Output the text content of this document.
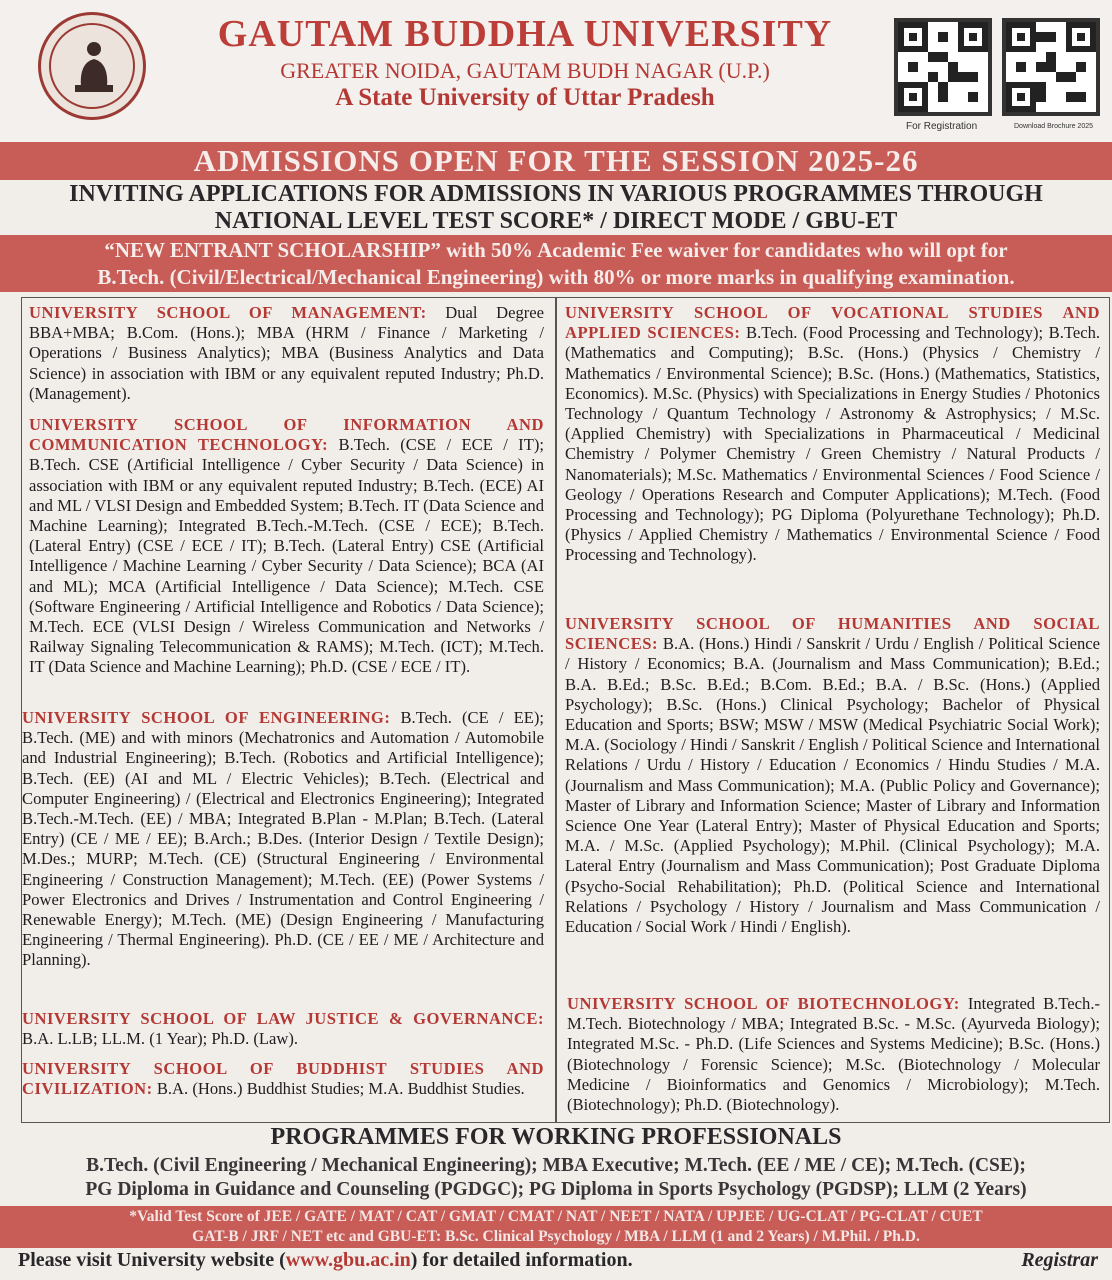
GAUTAM BUDDHA UNIVERSITY
GREATER NOIDA, GAUTAM BUDH NAGAR (U.P.)
A State University of Uttar Pradesh
For Registration	Download Brochure 2025
ADMISSIONS OPEN FOR THE SESSION 2025-26
INVITING APPLICATIONS FOR ADMISSIONS IN VARIOUS PROGRAMMES THROUGH
NATIONAL LEVEL TEST SCORE* / DIRECT MODE / GBU-ET
“NEW ENTRANT SCHOLARSHIP” with 50% Academic Fee waiver for candidates who will opt for
B.Tech. (Civil/Electrical/Mechanical Engineering) with 80% or more marks in qualifying examination.

UNIVERSITY SCHOOL OF MANAGEMENT: Dual Degree BBA+MBA; B.Com. (Hons.); MBA (HRM / Finance / Marketing / Operations / Business Analytics); MBA (Business Analytics and Data Science) in association with IBM or any equivalent reputed Industry; Ph.D. (Management).

UNIVERSITY SCHOOL OF INFORMATION AND COMMUNICATION TECHNOLOGY: B.Tech. (CSE / ECE / IT); B.Tech. CSE (Artificial Intelligence / Cyber Security / Data Science) in association with IBM or any equivalent reputed Industry; B.Tech. (ECE) AI and ML / VLSI Design and Embedded System; B.Tech. IT (Data Science and Machine Learning); Integrated B.Tech.-M.Tech. (CSE / ECE); B.Tech. (Lateral Entry) (CSE / ECE / IT); B.Tech. (Lateral Entry) CSE (Artificial Intelligence / Machine Learning / Cyber Security / Data Science); BCA (AI and ML); MCA (Artificial Intelligence / Data Science); M.Tech. CSE (Software Engineering / Artificial Intelligence and Robotics / Data Science); M.Tech. ECE (VLSI Design / Wireless Communication and Networks / Railway Signaling Telecommunication & RAMS); M.Tech. (ICT); M.Tech. IT (Data Science and Machine Learning); Ph.D. (CSE / ECE / IT).

UNIVERSITY SCHOOL OF ENGINEERING: B.Tech. (CE / EE); B.Tech. (ME) and with minors (Mechatronics and Automation / Automobile and Industrial Engineering); B.Tech. (Robotics and Artificial Intelligence); B.Tech. (EE) (AI and ML / Electric Vehicles); B.Tech. (Electrical and Computer Engineering) / (Electrical and Electronics Engineering); Integrated B.Tech.-M.Tech. (EE) / MBA; Integrated B.Plan - M.Plan; B.Tech. (Lateral Entry) (CE / ME / EE); B.Arch.; B.Des. (Interior Design / Textile Design); M.Des.; MURP; M.Tech. (CE) (Structural Engineering / Environmental Engineering / Construction Management); M.Tech. (EE) (Power Systems / Power Electronics and Drives / Instrumentation and Control Engineering / Renewable Energy); M.Tech. (ME) (Design Engineering / Manufacturing Engineering / Thermal Engineering). Ph.D. (CE / EE / ME / Architecture and Planning).

UNIVERSITY SCHOOL OF LAW JUSTICE & GOVERNANCE: B.A. L.LB; LL.M. (1 Year); Ph.D. (Law).

UNIVERSITY SCHOOL OF BUDDHIST STUDIES AND CIVILIZATION: B.A. (Hons.) Buddhist Studies; M.A. Buddhist Studies.

UNIVERSITY SCHOOL OF VOCATIONAL STUDIES AND APPLIED SCIENCES: B.Tech. (Food Processing and Technology); B.Tech. (Mathematics and Computing); B.Sc. (Hons.) (Physics / Chemistry / Mathematics / Environmental Science); B.Sc. (Hons.) (Mathematics, Statistics, Economics). M.Sc. (Physics) with Specializations in Energy Studies / Photonics Technology / Quantum Technology / Astronomy & Astrophysics; / M.Sc. (Applied Chemistry) with Specializations in Pharmaceutical / Medicinal Chemistry / Polymer Chemistry / Green Chemistry / Natural Products / Nanomaterials); M.Sc. Mathematics / Environmental Sciences / Food Science / Geology / Operations Research and Computer Applications); M.Tech. (Food Processing and Technology); PG Diploma (Polyurethane Technology); Ph.D. (Physics / Applied Chemistry / Mathematics / Environmental Science / Food Processing and Technology).

UNIVERSITY SCHOOL OF HUMANITIES AND SOCIAL SCIENCES: B.A. (Hons.) Hindi / Sanskrit / Urdu / English / Political Science / History / Economics; B.A. (Journalism and Mass Communication); B.Ed.; B.A. B.Ed.; B.Sc. B.Ed.; B.Com. B.Ed.; B.A. / B.Sc. (Hons.) (Applied Psychology); B.Sc. (Hons.) Clinical Psychology; Bachelor of Physical Education and Sports; BSW; MSW / MSW (Medical Psychiatric Social Work); M.A. (Sociology / Hindi / Sanskrit / English / Political Science and International Relations / Urdu / History / Education / Economics / Hindu Studies / M.A. (Journalism and Mass Communication); M.A. (Public Policy and Governance); Master of Library and Information Science; Master of Library and Information Science One Year (Lateral Entry); Master of Physical Education and Sports; M.A. / M.Sc. (Applied Psychology); M.Phil. (Clinical Psychology); M.A. Lateral Entry (Journalism and Mass Communication); Post Graduate Diploma (Psycho-Social Rehabilitation); Ph.D. (Political Science and International Relations / Psychology / History / Journalism and Mass Communication / Education / Social Work / Hindi / English).

UNIVERSITY SCHOOL OF BIOTECHNOLOGY: Integrated B.Tech.-M.Tech. Biotechnology / MBA; Integrated B.Sc. - M.Sc. (Ayurveda Biology); Integrated M.Sc. - Ph.D. (Life Sciences and Systems Medicine); B.Sc. (Hons.) (Biotechnology / Forensic Science); M.Sc. (Biotechnology / Molecular Medicine / Bioinformatics and Genomics / Microbiology); M.Tech. (Biotechnology); Ph.D. (Biotechnology).

PROGRAMMES FOR WORKING PROFESSIONALS
B.Tech. (Civil Engineering / Mechanical Engineering); MBA Executive; M.Tech. (EE / ME / CE); M.Tech. (CSE);
PG Diploma in Guidance and Counseling (PGDGC); PG Diploma in Sports Psychology (PGDSP); LLM (2 Years)
*Valid Test Score of JEE / GATE / MAT / CAT / GMAT / CMAT / NAT / NEET / NATA / UPJEE / UG-CLAT / PG-CLAT / CUET
GAT-B / JRF / NET etc and GBU-ET: B.Sc. Clinical Psychology / MBA / LLM (1 and 2 Years) / M.Phil. / Ph.D.
Please visit University website (www.gbu.ac.in) for detailed information.	Registrar
